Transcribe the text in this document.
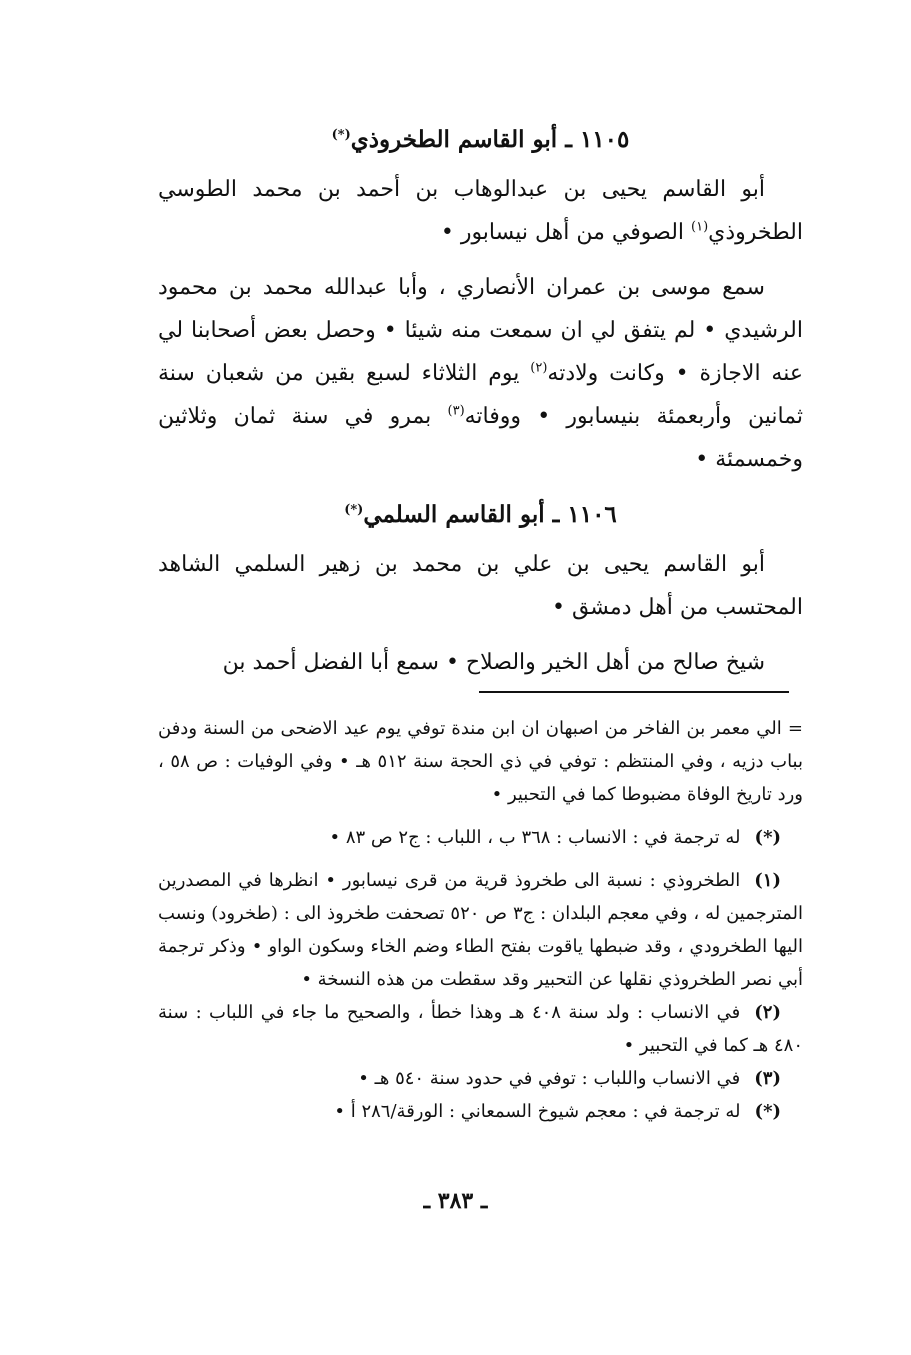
١١٠٥ ـ أبو القاسم الطخروذي(*)

أبو القاسم يحيى بن عبدالوهاب بن أحمد بن محمد الطوسي الطخروذي$^{(١)}$ الصوفي من أهل نيسابور •

سمع موسى بن عمران الأنصاري ، وأبا عبدالله محمد بن محمود الرشيدي • لم يتفق لي ان سمعت منه شيئا • وحصل بعض أصحابنا لي عنه الاجازة • وكانت ولادته$^{(٢)}$ يوم الثلاثاء لسبع بقين من شعبان سنة ثمانين وأربعمئة بنيسابور • ووفاته$^{(٣)}$ بمرو في سنة ثمان وثلاثين وخمسمئة •

١١٠٦ ـ أبو القاسم السلمي(*)

أبو القاسم يحيى بن علي بن محمد بن زهير السلمي الشاهد المحتسب من أهل دمشق •

شيخ صالح من أهل الخير والصلاح • سمع أبا الفضل أحمد بن

= الي معمر بن الفاخر من اصبهان ان ابن مندة توفي يوم عيد الاضحى من السنة ودفن بباب دزيه ، وفي المنتظم : توفي في ذي الحجة سنة ٥١٢ هـ • وفي الوفيات : ص ٥٨ ، ورد تاريخ الوفاة مضبوطا كما في التحبير •

(*)له ترجمة في : الانساب : ٣٦٨ ب ، اللباب : ج٢ ص ٨٣ •

(١)الطخروذي : نسبة الى طخروذ قرية من قرى نيسابور • انظرها في المصدرين المترجمين له ، وفي معجم البلدان : ج٣ ص ٥٢٠ تصحفت طخروذ الى : (طخرود) ونسب اليها الطخرودي ، وقد ضبطها ياقوت بفتح الطاء وضم الخاء وسكون الواو • وذكر ترجمة أبي نصر الطخروذي نقلها عن التحبير وقد سقطت من هذه النسخة •

(٢)في الانساب : ولد سنة ٤٠٨ هـ وهذا خطأ ، والصحيح ما جاء في اللباب : سنة ٤٨٠ هـ كما في التحبير •

(٣)في الانساب واللباب : توفي في حدود سنة ٥٤٠ هـ •

(*)له ترجمة في : معجم شيوخ السمعاني : الورقة/٢٨٦ أ •

ـ ٣٨٣ ـ
